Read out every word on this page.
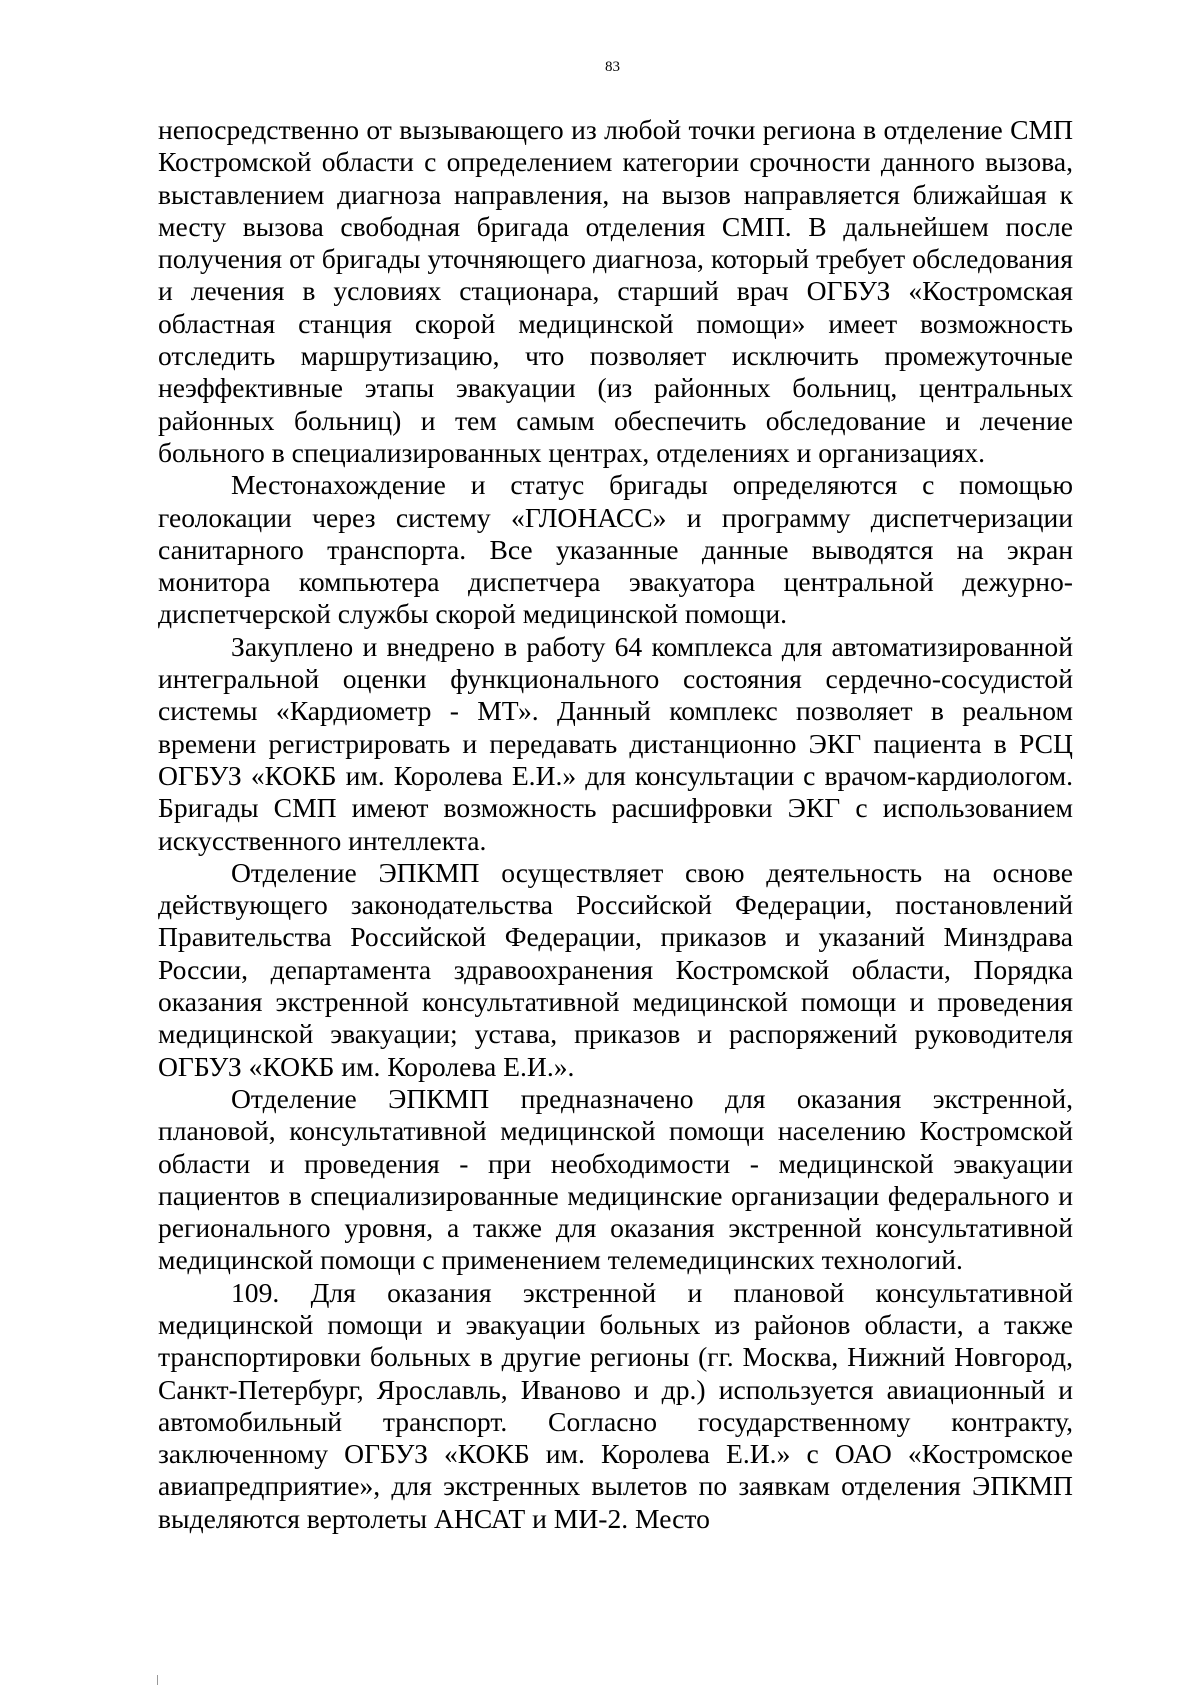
83

непосредственно от вызывающего из любой точки региона в отделение СМП Костромской области с определением категории срочности данного вызова, выставлением диагноза направления, на вызов направляется ближайшая к месту вызова свободная бригада отделения СМП. В дальнейшем после получения от бригады уточняющего диагноза, который требует обследования и лечения в условиях стационара, старший врач ОГБУЗ «Костромская областная станция скорой медицинской помощи» имеет возможность отследить маршрутизацию, что позволяет исключить промежуточные неэффективные этапы эвакуации (из районных больниц, центральных районных больниц) и тем самым обеспечить обследование и лечение больного в специализированных центрах, отделениях и организациях.

Местонахождение и статус бригады определяются с помощью геолокации через систему «ГЛОНАСС» и программу диспетчеризации санитарного транспорта. Все указанные данные выводятся на экран монитора компьютера диспетчера эвакуатора центральной дежурно-диспетчерской службы скорой медицинской помощи.

Закуплено и внедрено в работу 64 комплекса для автоматизированной интегральной оценки функционального состояния сердечно-сосудистой системы «Кардиометр - МТ». Данный комплекс позволяет в реальном времени регистрировать и передавать дистанционно ЭКГ пациента в РСЦ ОГБУЗ «КОКБ им. Королева Е.И.» для консультации с врачом-кардиологом. Бригады СМП имеют возможность расшифровки ЭКГ с использованием искусственного интеллекта.

Отделение ЭПКМП осуществляет свою деятельность на основе действующего законодательства Российской Федерации, постановлений Правительства Российской Федерации, приказов и указаний Минздрава России, департамента здравоохранения Костромской области, Порядка оказания экстренной консультативной медицинской помощи и проведения медицинской эвакуации; устава, приказов и распоряжений руководителя ОГБУЗ «КОКБ им. Королева Е.И.».

Отделение ЭПКМП предназначено для оказания экстренной, плановой, консультативной медицинской помощи населению Костромской области и проведения - при необходимости - медицинской эвакуации пациентов в специализированные медицинские организации федерального и регионального уровня, а также для оказания экстренной консультативной медицинской помощи с применением телемедицинских технологий.

109. Для оказания экстренной и плановой консультативной медицинской помощи и эвакуации больных из районов области, а также транспортировки больных в другие регионы (гг. Москва, Нижний Новгород, Санкт-Петербург, Ярославль, Иваново и др.) используется авиационный и автомобильный транспорт. Согласно государственному контракту, заключенному ОГБУЗ «КОКБ им. Королева Е.И.» с ОАО «Костромское авиапредприятие», для экстренных вылетов по заявкам отделения ЭПКМП выделяются вертолеты АНСАТ и МИ-2. Место
